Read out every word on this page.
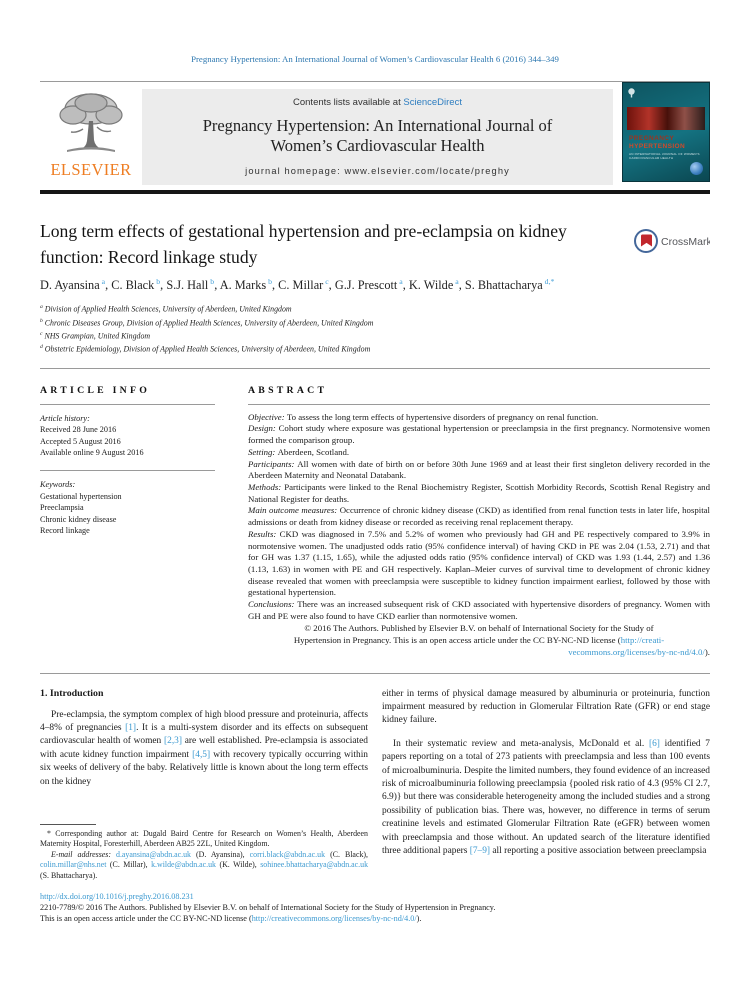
Pregnancy Hypertension: An International Journal of Women’s Cardiovascular Health 6 (2016) 344–349
ELSEVIER
Contents lists available at ScienceDirect
Pregnancy Hypertension: An International Journal of
Women’s Cardiovascular Health
journal homepage: www.elsevier.com/locate/preghy
PREGNANCY
HYPERTENSION
AN INTERNATIONAL JOURNAL OF WOMEN’S CARDIOVASCULAR HEALTH
Long term effects of gestational hypertension and pre-eclampsia on kidney function: Record linkage study
CrossMark
D. Ayansina $^a$, C. Black $^b$, S.J. Hall $^b$, A. Marks $^b$, C. Millar $^c$, G.J. Prescott $^a$, K. Wilde $^a$, S. Bhattacharya $^{d,*}$
$^a$ Division of Applied Health Sciences, University of Aberdeen, United Kingdom
$^b$ Chronic Diseases Group, Division of Applied Health Sciences, University of Aberdeen, United Kingdom
$^c$ NHS Grampian, United Kingdom
$^d$ Obstetric Epidemiology, Division of Applied Health Sciences, University of Aberdeen, United Kingdom
ARTICLE INFO
Article history:
Received 28 June 2016
Accepted 5 August 2016
Available online 9 August 2016
Keywords:
Gestational hypertension
Preeclampsia
Chronic kidney disease
Record linkage
ABSTRACT

Objective: To assess the long term effects of hypertensive disorders of pregnancy on renal function.

Design: Cohort study where exposure was gestational hypertension or preeclampsia in the first pregnancy. Normotensive women formed the comparison group.

Setting: Aberdeen, Scotland.

Participants: All women with date of birth on or before 30th June 1969 and at least their first singleton delivery recorded in the Aberdeen Maternity and Neonatal Databank.

Methods: Participants were linked to the Renal Biochemistry Register, Scottish Morbidity Records, Scottish Renal Registry and National Register for deaths.

Main outcome measures: Occurrence of chronic kidney disease (CKD) as identified from renal function tests in later life, hospital admissions or death from kidney disease or recorded as receiving renal replacement therapy.

Results: CKD was diagnosed in 7.5% and 5.2% of women who previously had GH and PE respectively compared to 3.9% in normotensive women. The unadjusted odds ratio (95% confidence interval) of having CKD in PE was 2.04 (1.53, 2.71) and that for GH was 1.37 (1.15, 1.65), while the adjusted odds ratio (95% confidence interval) of CKD was 1.93 (1.44, 2.57) and 1.36 (1.13, 1.63) in women with PE and GH respectively. Kaplan–Meier curves of survival time to development of chronic kidney disease revealed that women with preeclampsia were susceptible to kidney function impairment earliest, followed by those with gestational hypertension.

Conclusions: There was an increased subsequent risk of CKD associated with hypertensive disorders of pregnancy. Women with GH and PE were also found to have CKD earlier than normotensive women.

© 2016 The Authors. Published by Elsevier B.V. on behalf of International Society for the Study of
Hypertension in Pregnancy. This is an open access article under the CC BY-NC-ND license (http://creati-
vecommons.org/licenses/by-nc-nd/4.0/).
1. Introduction

Pre-eclampsia, the symptom complex of high blood pressure and proteinuria, affects 4–8% of pregnancies [1]. It is a multi-system disorder and its effects on subsequent cardiovascular health of women [2,3] are well established. Pre-eclampsia is associated with acute kidney function impairment [4,5] with recovery typically occurring within six weeks of delivery of the baby. Relatively little is known about the long term effects on the kidney

* Corresponding author at: Dugald Baird Centre for Research on Women’s Health, Aberdeen Maternity Hospital, Foresterhill, Aberdeen AB25 2ZL, United Kingdom.

E-mail addresses: d.ayansina@abdn.ac.uk (D. Ayansina), corri.black@abdn.ac.uk (C. Black), colin.millar@nhs.net (C. Millar), k.wilde@abdn.ac.uk (K. Wilde), sohinee.bhattacharya@abdn.ac.uk (S. Bhattacharya).

either in terms of physical damage measured by albuminuria or proteinuria, function impairment measured by reduction in Glomerular Filtration Rate (GFR) or end stage kidney failure.

In their systematic review and meta-analysis, McDonald et al. [6] identified 7 papers reporting on a total of 273 patients with preeclampsia and less than 100 events of microalbuminuria. Despite the limited numbers, they found evidence of an increased risk of microalbuminuria following preeclampsia {pooled risk ratio of 4.3 (95% CI 2.7, 6.9)} but there was considerable heterogeneity among the included studies and a strong possibility of publication bias. There was, however, no difference in terms of serum creatinine levels and estimated Glomerular Filtration Rate (eGFR) between women with preeclampsia and those without. An updated search of the literature identified three additional papers [7–9] all reporting a positive association between preeclampsia

http://dx.doi.org/10.1016/j.preghy.2016.08.231
2210-7789/© 2016 The Authors. Published by Elsevier B.V. on behalf of International Society for the Study of Hypertension in Pregnancy.
This is an open access article under the CC BY-NC-ND license (http://creativecommons.org/licenses/by-nc-nd/4.0/).
